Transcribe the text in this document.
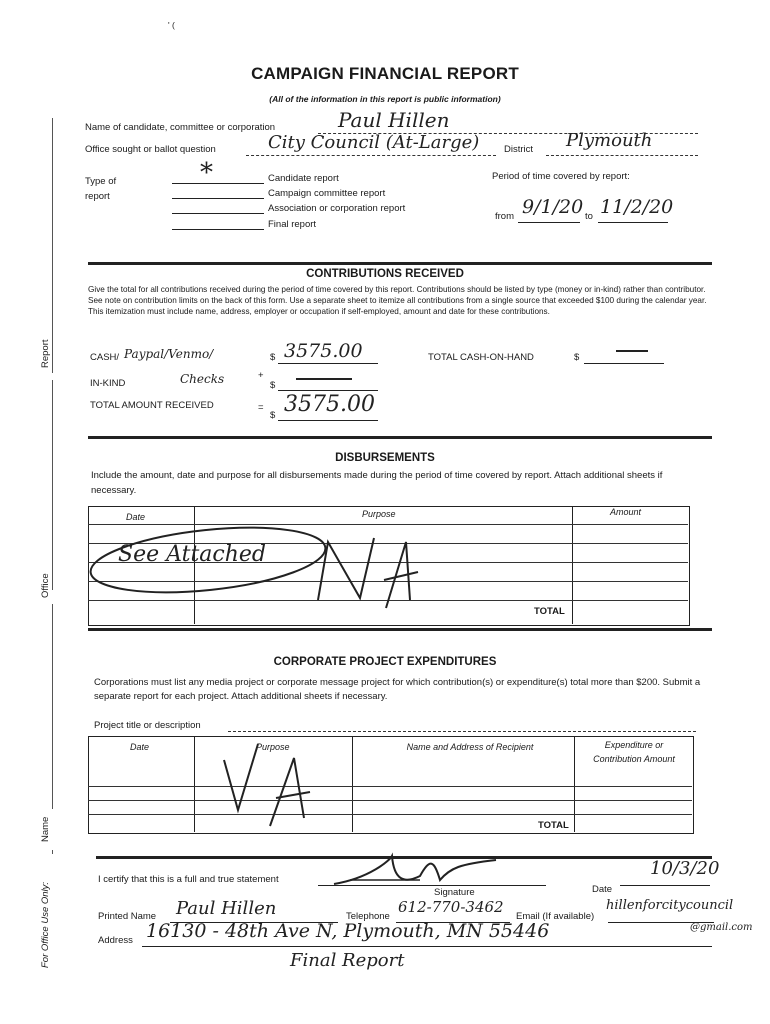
' (
Report
Office
Name
For Office Use Only:
CAMPAIGN FINANCIAL REPORT
(All of the information in this report is public information)
Name of candidate, committee or corporation	Paul Hillen
Office sought or ballot question	City Council (At-Large)	District Plymouth
Type of
report
*	Candidate report
Campaign committee report
Association or corporation report
Final report
Period of time covered by report:
from 9/1/20 to 11/2/20
CONTRIBUTIONS RECEIVED
Give the total for all contributions received during the period of time covered by this report. Contributions should be listed by type (money or in-kind) rather than contributor. See note on contribution limits on the back of this form. Use a separate sheet to itemize all contributions from a single source that exceeded $100 during the calendar year. This itemization must include name, address, employer or occupation if self-employed, amount and date for these contributions.
CASH/ Paypal/Venmo/	$ 3575.00	TOTAL CASH-ON-HAND	$
IN-KIND	Checks	+
$
TOTAL AMOUNT RECEIVED	=
$ 3575.00
DISBURSEMENTS
Include the amount, date and purpose for all disbursements made during the period of time covered by report. Attach additional sheets if necessary.
Date	Purpose	Amount
TOTAL
See Attached
CORPORATE PROJECT EXPENDITURES
Corporations must list any media project or corporate message project for which contribution(s) or expenditure(s) total more than $200. Submit a separate report for each project. Attach additional sheets if necessary.
Project title or description
Date	Purpose	Name and Address of Recipient	Expenditure or Contribution Amount
TOTAL
I certify that this is a full and true statement
Signature
10/3/20
Date
Printed Name Paul Hillen	Telephone
612-770-3462
Email (If available)
hillenforcitycouncil
@gmail.com
Address 16130 - 48th Ave N, Plymouth, MN 55446
Final Report
